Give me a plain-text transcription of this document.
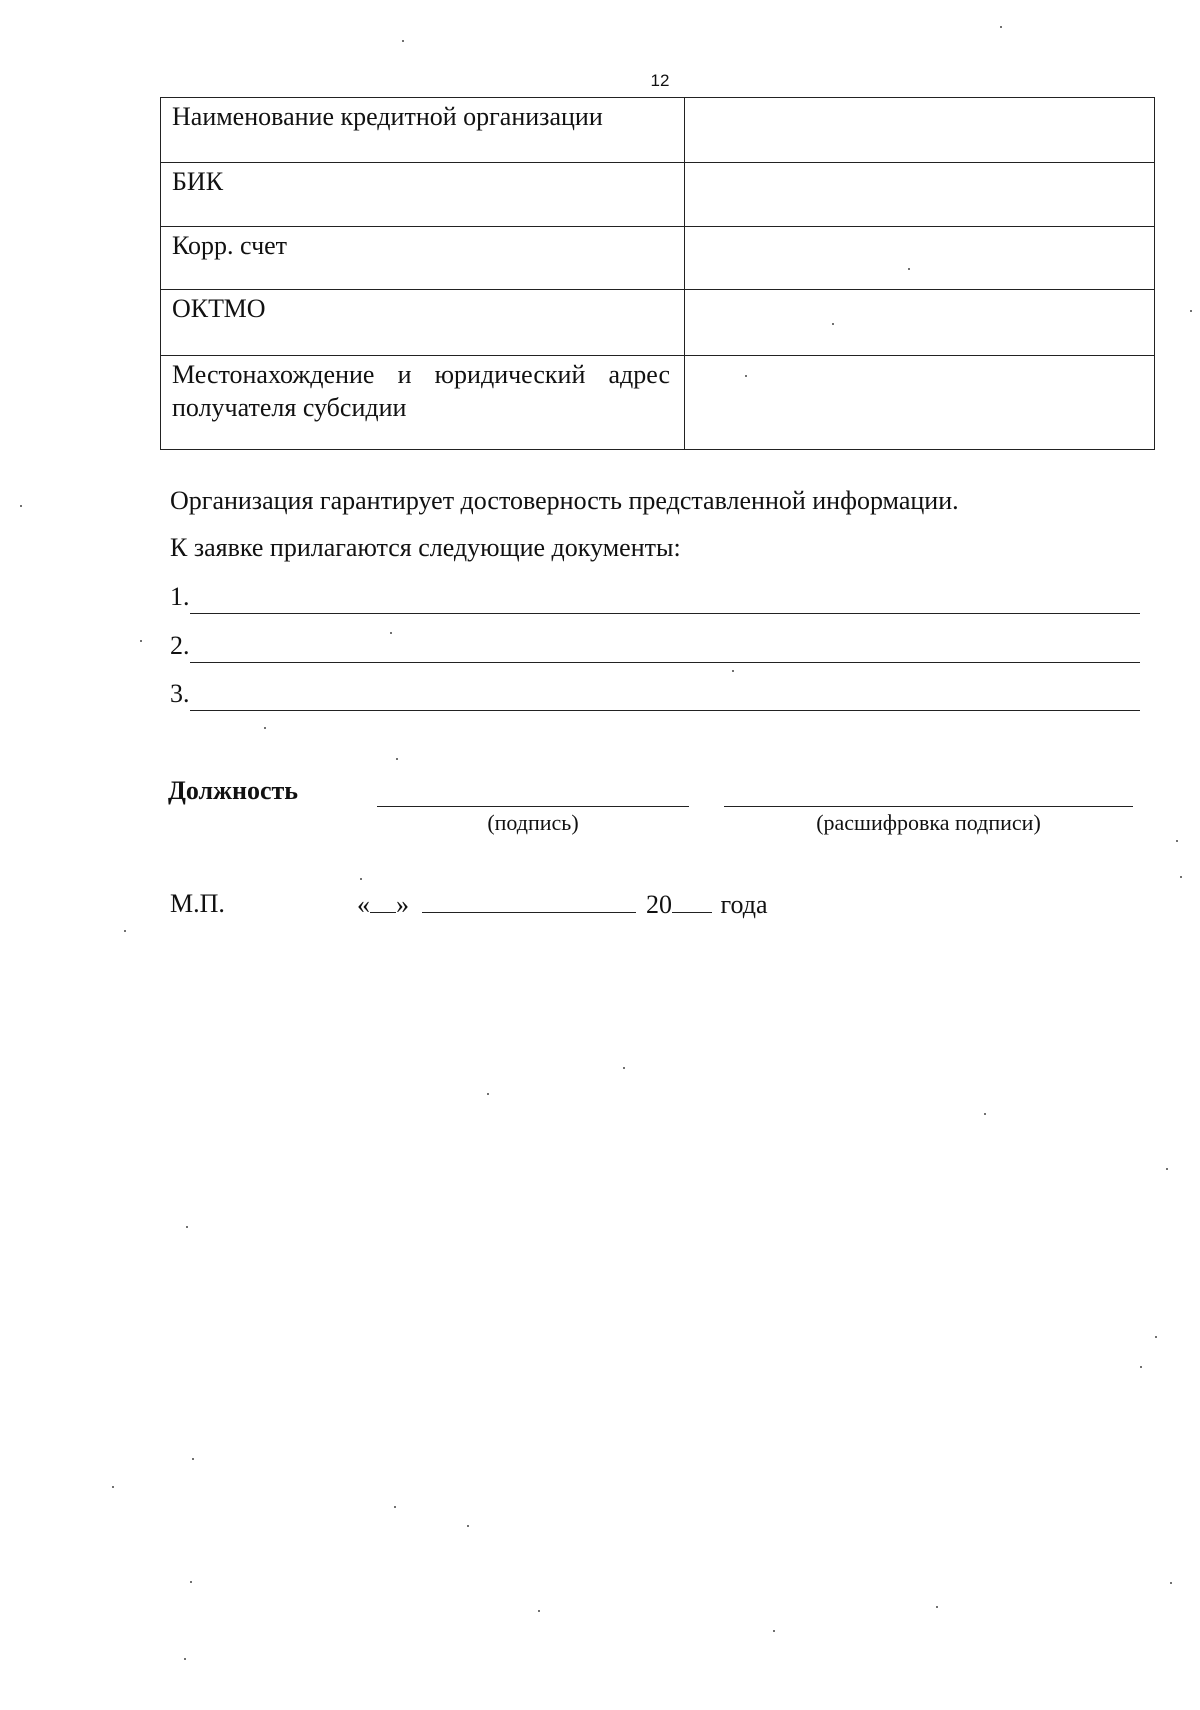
12
Наименование кредитной организации	
БИК	
Корр. счет	
ОКТМО	
Местонахождение и юридический адрес получателя субсидии	
Организация гарантирует достоверность представленной информации.
К заявке прилагаются следующие документы:
1.
2.
3.
Должность
(подпись)	(расшифровка подписи)
М.П.	« »	20 года
